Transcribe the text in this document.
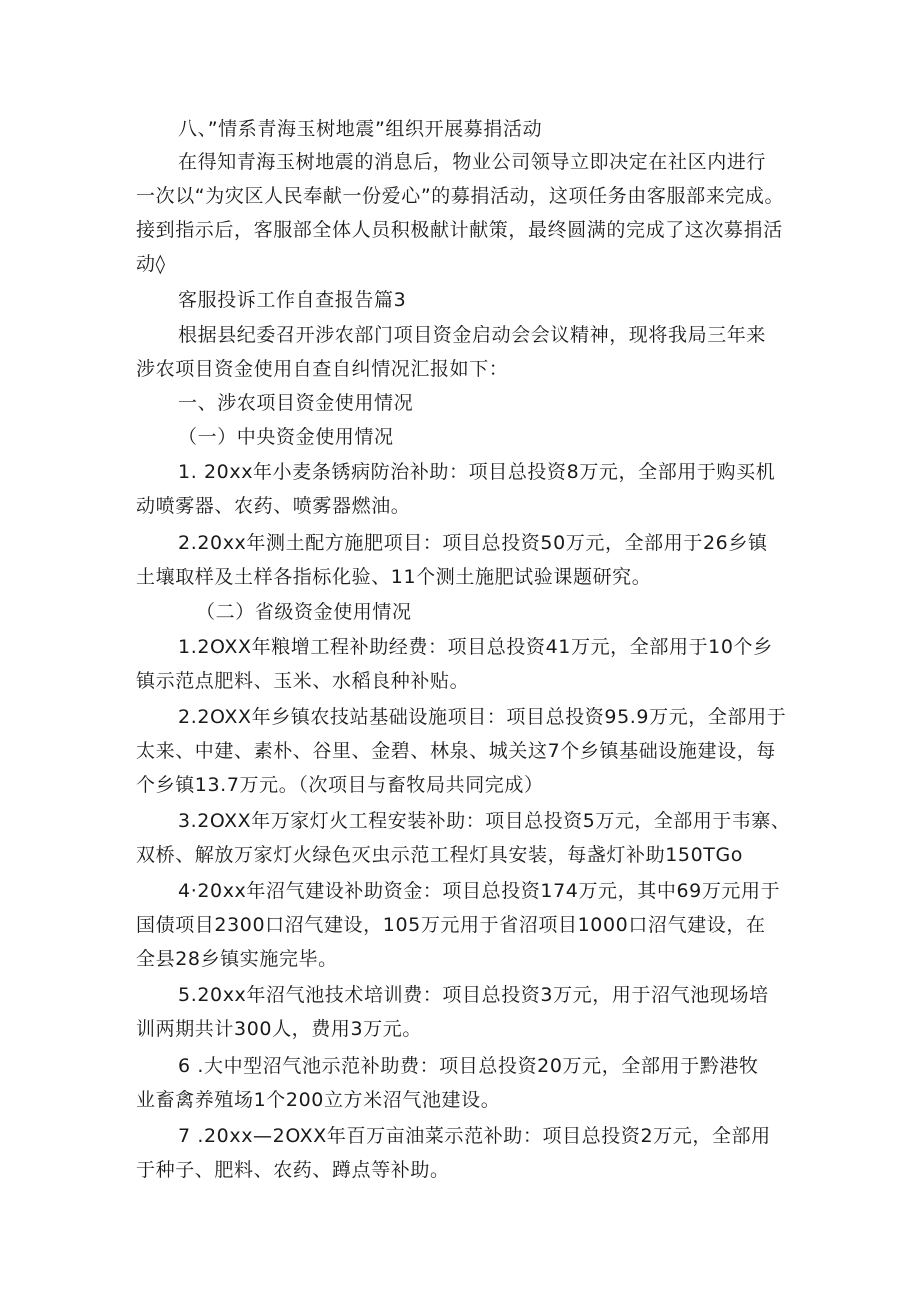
八、”情系青海玉树地震”组织开展募捐活动
在得知青海玉树地震的消息后，物业公司领导立即决定在社区内进行
一次以“为灾区人民奉献一份爱心”的募捐活动，这项任务由客服部来完成。
接到指示后，客服部全体人员积极献计献策，最终圆满的完成了这次募捐活
动◊
客服投诉工作自查报告篇3
根据县纪委召开涉农部门项目资金启动会会议精神，现将我局三年来
涉农项目资金使用自查自纠情况汇报如下：
一、涉农项目资金使用情况
（一）中央资金使用情况
1. 20xx年小麦条锈病防治补助：项目总投资8万元，全部用于购买机
动喷雾器、农药、喷雾器燃油。
2.20xx年测土配方施肥项目：项目总投资50万元，全部用于26乡镇
土壤取样及土样各指标化验、11个测土施肥试验课题研究。
（二）省级资金使用情况
1.2OXX年粮增工程补助经费：项目总投资41万元，全部用于10个乡
镇示范点肥料、玉米、水稻良种补贴。
2.2OXX年乡镇农技站基础设施项目：项目总投资95.9万元，全部用于
太来、中建、素朴、谷里、金碧、林泉、城关这7个乡镇基础设施建设，每
个乡镇13.7万元。（次项目与畜牧局共同完成）
3.2OXX年万家灯火工程安装补助：项目总投资5万元，全部用于韦寨、
双桥、解放万家灯火绿色灭虫示范工程灯具安装，每盏灯补助150TGo
4·20xx年沼气建设补助资金：项目总投资174万元，其中69万元用于
国债项目2300口沼气建设，105万元用于省沼项目1000口沼气建设，在
全县28乡镇实施完毕。
5.20xx年沼气池技术培训费：项目总投资3万元，用于沼气池现场培
训两期共计300人，费用3万元。
6 .大中型沼气池示范补助费：项目总投资20万元，全部用于黔港牧
业畜禽养殖场1个200立方米沼气池建设。
7 .20xx—2OXX年百万亩油菜示范补助：项目总投资2万元，全部用
于种子、肥料、农药、蹲点等补助。
